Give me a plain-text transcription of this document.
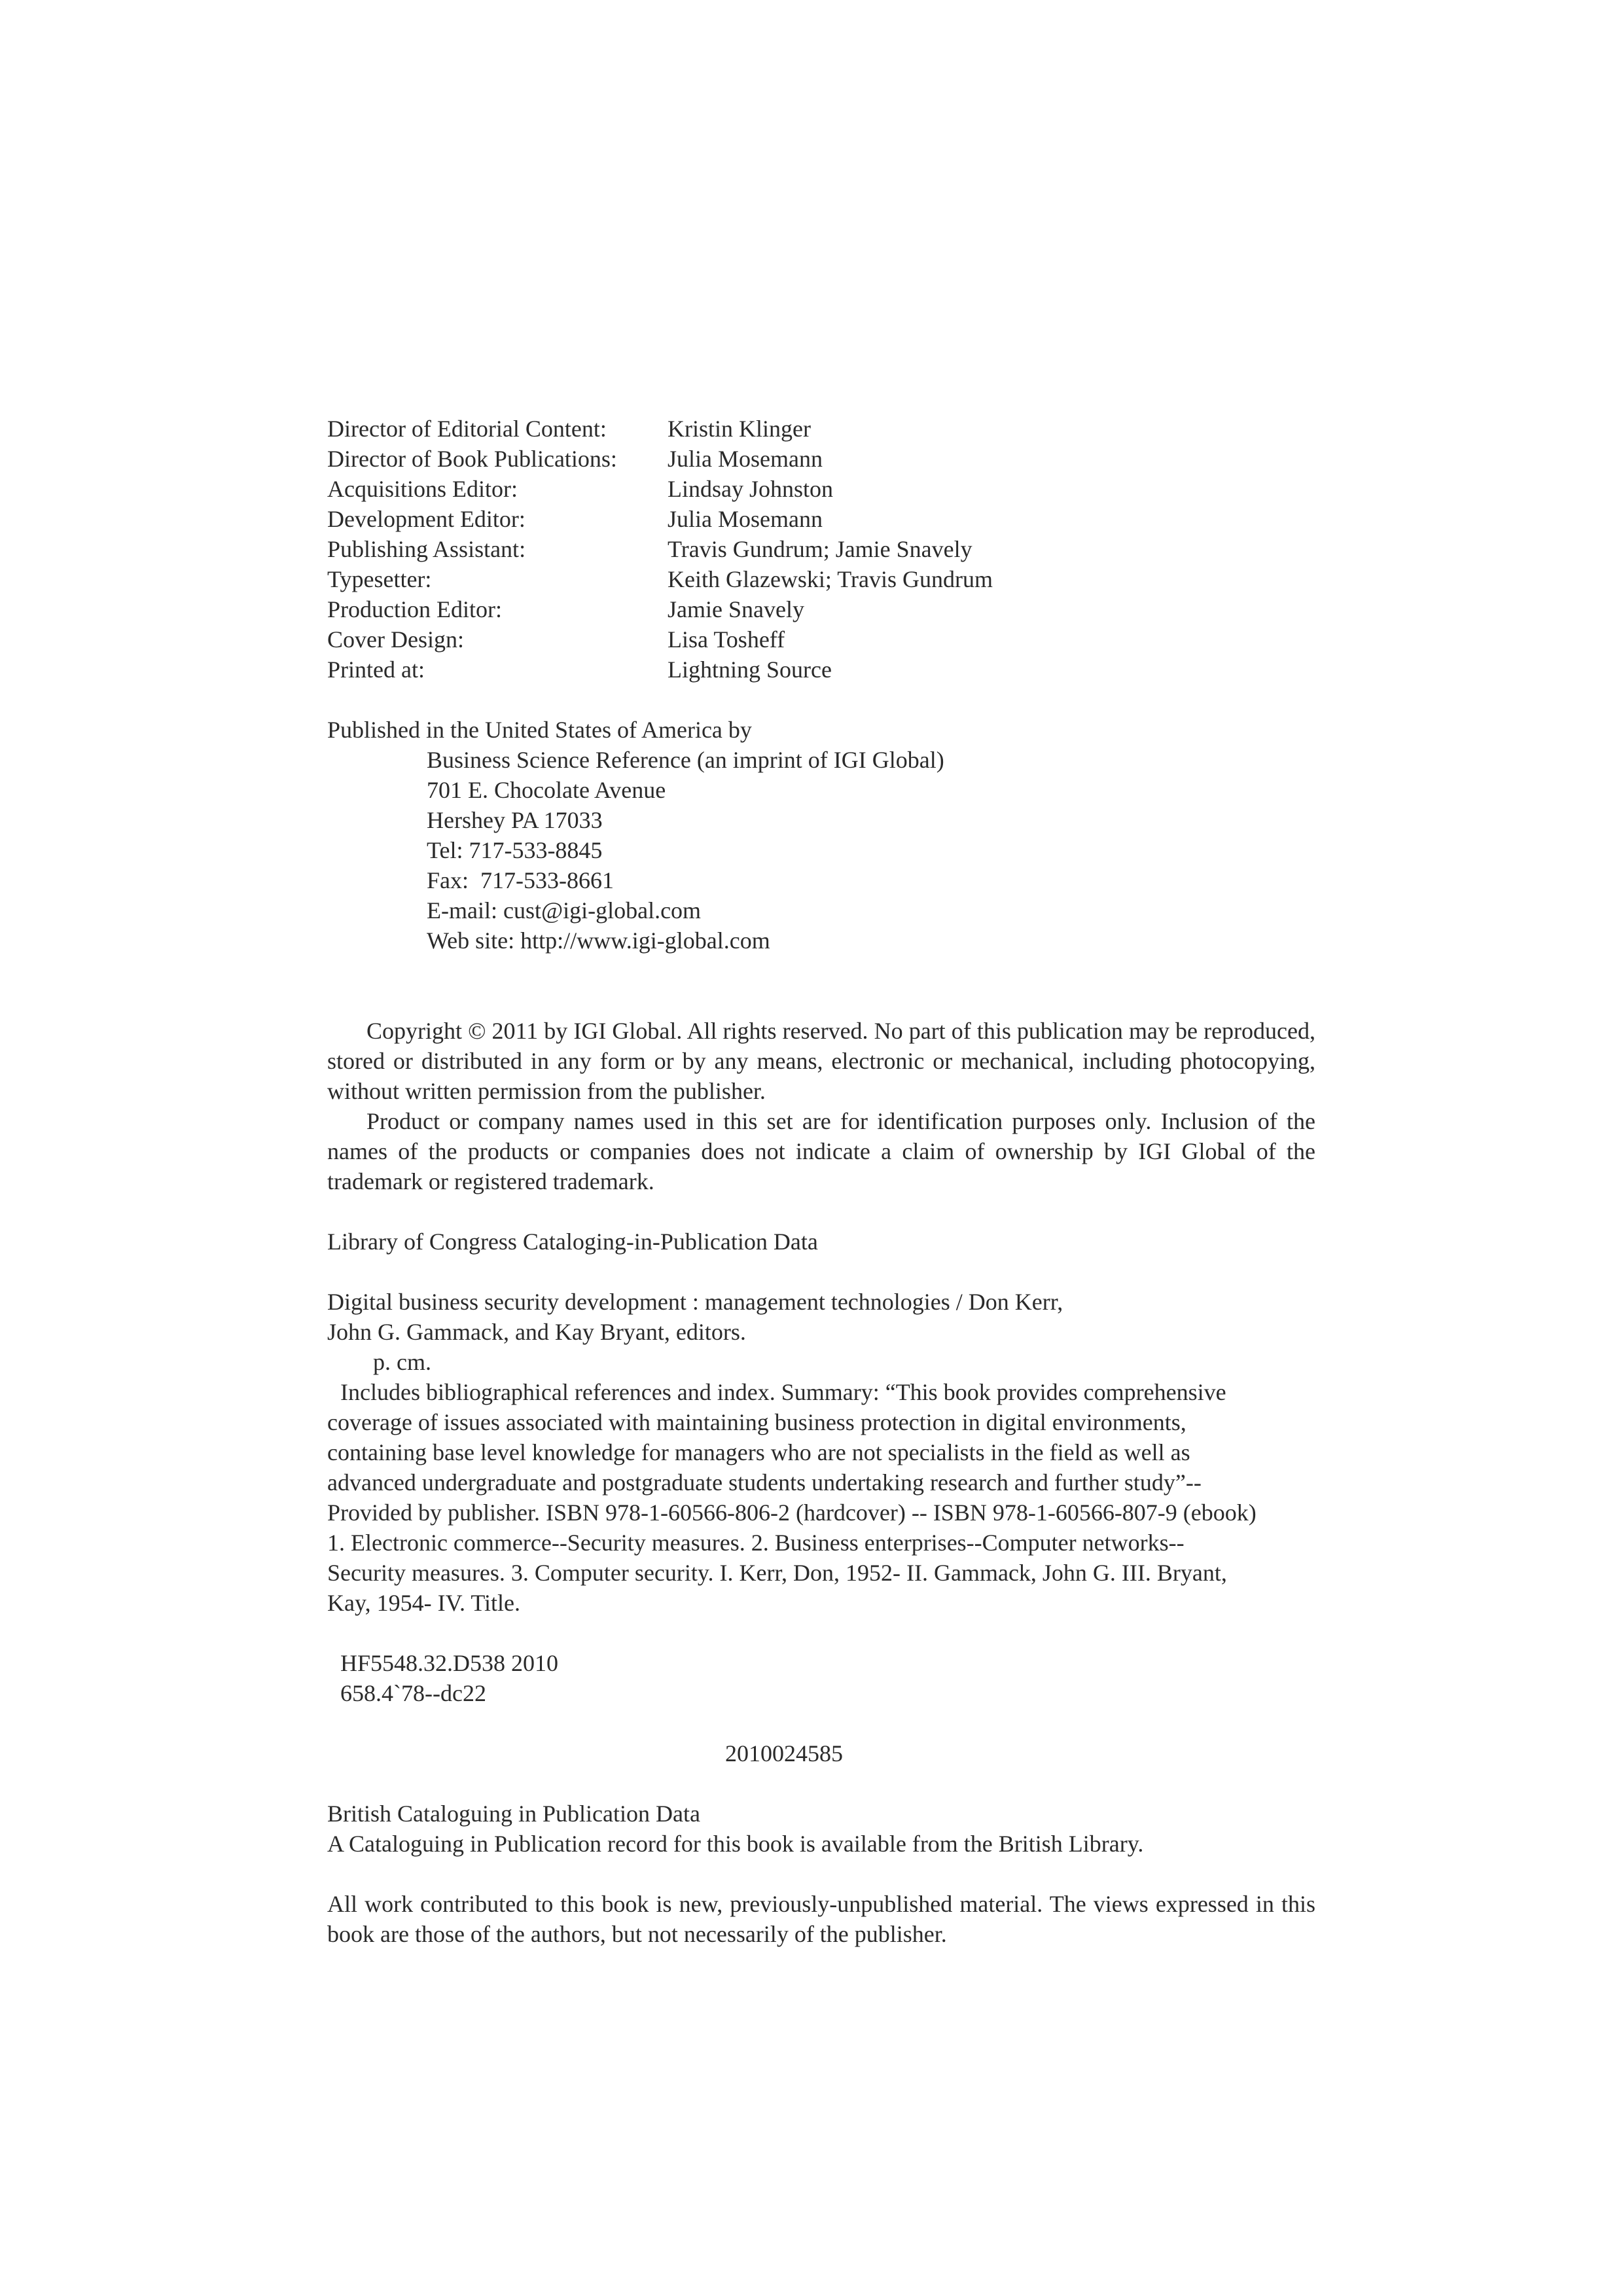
Director of Editorial Content:	Kristin Klinger
Director of Book Publications:	Julia Mosemann
Acquisitions Editor:	Lindsay Johnston
Development Editor:	Julia Mosemann
Publishing Assistant:	Travis Gundrum; Jamie Snavely
Typesetter:	Keith Glazewski; Travis Gundrum
Production Editor:	Jamie Snavely
Cover Design:	Lisa Tosheff
Printed at:	Lightning Source
Published in the United States of America by
Business Science Reference (an imprint of IGI Global)
701 E. Chocolate Avenue
Hershey PA 17033
Tel: 717-533-8845
Fax:  717-533-8661
E-mail: cust@igi-global.com
Web site: http://www.igi-global.com

Copyright © 2011 by IGI Global. All rights reserved. No part of this publication may be reproduced, stored or distributed in any form or by any means, electronic or mechanical, including photocopying, without written permission from the publisher.

Product or company names used in this set are for identification purposes only. Inclusion of the names of the products or companies does not indicate a claim of ownership by IGI Global of the trademark or registered trademark.

Library of Congress Cataloging-in-Publication Data
Digital business security development : management technologies / Don Kerr,
John G. Gammack, and Kay Bryant, editors.
p. cm.
Includes bibliographical references and index. Summary: “This book provides comprehensive
coverage of issues associated with maintaining business protection in digital environments,
containing base level knowledge for managers who are not specialists in the field as well as
advanced undergraduate and postgraduate students undertaking research and further study”--
Provided by publisher. ISBN 978-1-60566-806-2 (hardcover) -- ISBN 978-1-60566-807-9 (ebook)
1. Electronic commerce--Security measures. 2. Business enterprises--Computer networks--
Security measures. 3. Computer security. I. Kerr, Don, 1952- II. Gammack, John G. III. Bryant,
Kay, 1954- IV. Title.
HF5548.32.D538 2010
658.4`78--dc22
2010024585
British Cataloguing in Publication Data
A Cataloguing in Publication record for this book is available from the British Library.

All work contributed to this book is new, previously-unpublished material. The views expressed in this book are those of the authors, but not necessarily of the publisher.
